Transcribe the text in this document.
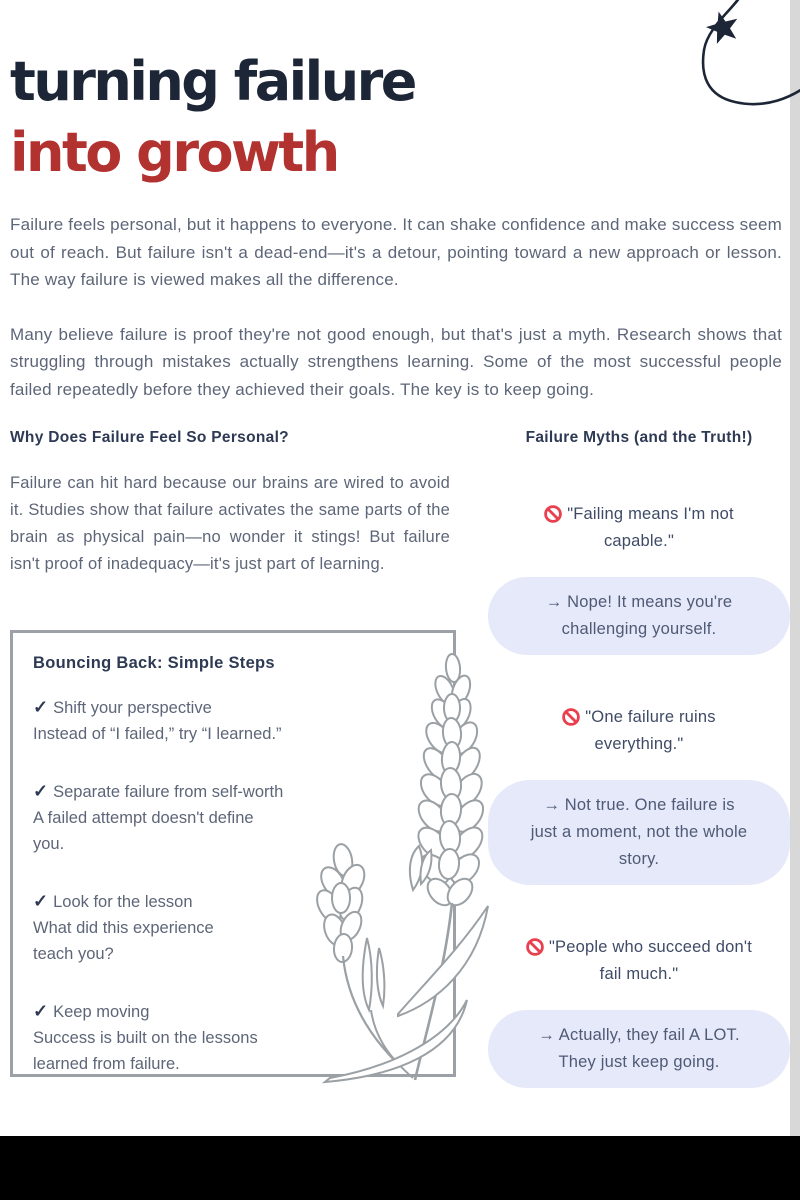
turning failure
into growth

Failure feels personal, but it happens to everyone. It can shake confidence and make success seem out of reach. But failure isn't a dead-end—it's a detour, pointing toward a new approach or lesson. The way failure is viewed makes all the difference.

Many believe failure is proof they're not good enough, but that's just a myth. Research shows that struggling through mistakes actually strengthens learning. Some of the most successful people failed repeatedly before they achieved their goals. The key is to keep going.

Why Does Failure Feel So Personal?
Failure can hit hard because our brains are wired to avoid it. Studies show that failure activates the same parts of the brain as physical pain—no wonder it stings! But failure isn't proof of inadequacy—it's just part of learning.
Bouncing Back: Simple Steps
✓ Shift your perspective
Instead of “I failed,” try “I learned.”
✓ Separate failure from self-worth
A failed attempt doesn't define
you.
✓ Look for the lesson
What did this experience
teach you?
✓ Keep moving
Success is built on the lessons
learned from failure.
Failure Myths (and the Truth!)
"Failing means I'm not
capable."
→ Nope! It means you're
challenging yourself.
"One failure ruins
everything."
→ Not true. One failure is
just a moment, not the whole
story.
"People who succeed don't
fail much."
→ Actually, they fail A LOT.
They just keep going.
